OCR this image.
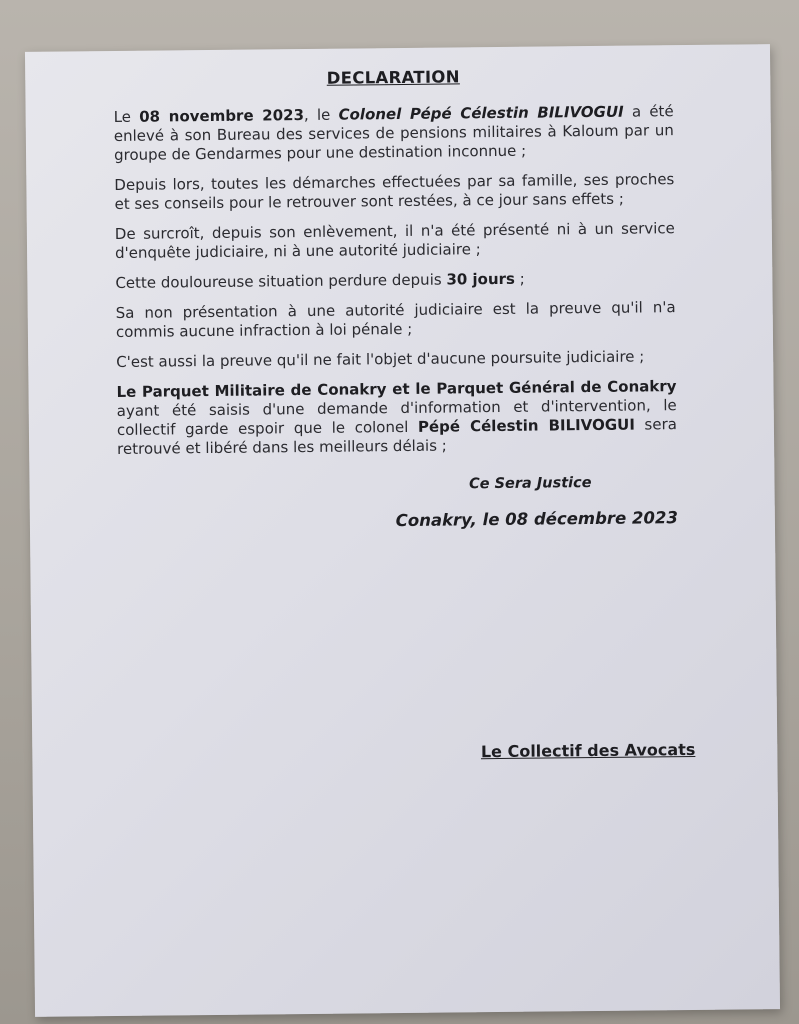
DECLARATION

Le 08 novembre 2023, le Colonel Pépé Célestin BILIVOGUI a été enlevé à son Bureau des services de pensions militaires à Kaloum par un groupe de Gendarmes pour une destination inconnue ;

Depuis lors, toutes les démarches effectuées par sa famille, ses proches et ses conseils pour le retrouver sont restées, à ce jour sans effets ;

De surcroît, depuis son enlèvement, il n'a été présenté ni à un service d'enquête judiciaire, ni à une autorité judiciaire ;

Cette douloureuse situation perdure depuis 30 jours ;

Sa non présentation à une autorité judiciaire est la preuve qu'il n'a commis aucune infraction à loi pénale ;

C'est aussi la preuve qu'il ne fait l'objet d'aucune poursuite judiciaire ;

Le Parquet Militaire de Conakry et le Parquet Général de Conakry ayant été saisis d'une demande d'information et d'intervention, le collectif garde espoir que le colonel Pépé Célestin BILIVOGUI sera retrouvé et libéré dans les meilleurs délais ;

Ce Sera Justice
Conakry, le 08 décembre 2023
Le Collectif des Avocats
